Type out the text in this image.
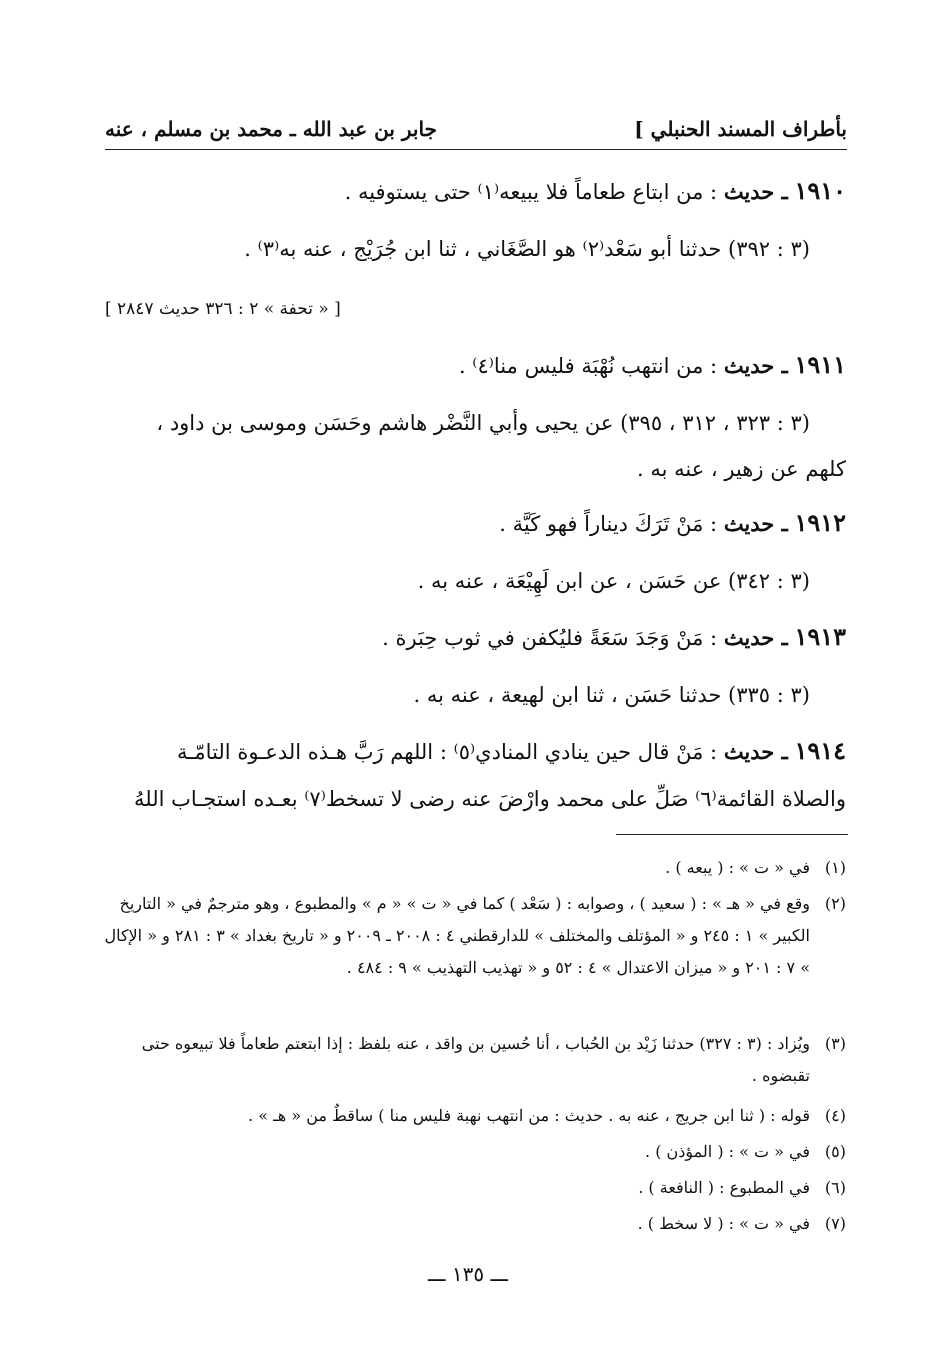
بأطراف المسند الحنبلي ]
جابر بن عبد الله ـ محمد بن مسلم ، عنه
١٩١٠ ـ حديث : من ابتاع طعاماً فلا يبيعه⁽١⁾ حتى يستوفيه .
(٣ : ٣٩٢) حدثنا أبو سَعْد⁽٢⁾ هو الصَّغَاني ، ثنا ابن جُرَيْج ، عنه به⁽٣⁾ .
[ « تحفة » ٢ : ٣٢٦ حديث ٢٨٤٧ ]
١٩١١ ـ حديث : من انتهب نُهْبَة فليس منا⁽٤⁾ .
(٣ : ٣٢٣ ، ٣١٢ ، ٣٩٥) عن يحيى وأبي النَّضْر هاشم وحَسَن وموسى بن داود ،
كلهم عن زهير ، عنه به .
١٩١٢ ـ حديث : مَنْ تَرَكَ ديناراً فهو كَيَّة .
(٣ : ٣٤٢) عن حَسَن ، عن ابن لَهِيْعَة ، عنه به .
١٩١٣ ـ حديث : مَنْ وَجَدَ سَعَةً فليُكفن في ثوب حِبَرة .
(٣ : ٣٣٥) حدثنا حَسَن ، ثنا ابن لهيعة ، عنه به .
١٩١٤ ـ حديث : مَنْ قال حين ينادي المنادي⁽٥⁾ : اللهم رَبَّ هـذه الدعـوة التامّـة
والصلاة القائمة⁽٦⁾ صَلِّ على محمد وارْضَ عنه رضى لا تسخط⁽٧⁾ بعـده استجـاب اللهُ
(١)
في « ت » : ( يبعه ) .
(٢)
وقع في « هـ » : ( سعيد ) ، وصوابه : ( سَعْد ) كما في « ت » « م » والمطبوع ، وهو مترجمٌ في « التاريخ الكبير » ١ : ٢٤٥ و « المؤتلف والمختلف » للدارقطني ٤ : ٢٠٠٨ ـ ٢٠٠٩ و « تاريخ بغداد » ٣ : ٢٨١ و « الإكال » ٧ : ٢٠١ و « ميزان الاعتدال » ٤ : ٥٢ و « تهذيب التهذيب » ٩ : ٤٨٤ .
(٣)
ويُزاد : (٣ : ٣٢٧) حدثنا زَيْد بن الحُباب ، أنا حُسين بن واقد ، عنه بلفظ : إذا ابتعتم طعاماً فلا تبيعوه حتى تقبضوه .
(٤)
قوله : ( ثنا ابن جريج ، عنه به . حديث : من انتهب نهبة فليس منا ) ساقطٌ من « هـ » .
(٥)
في « ت » : ( المؤذن ) .
(٦)
في المطبوع : ( النافعة ) .
(٧)
في « ت » : ( لا سخط ) .
ـــ ١٣٥ ـــ
